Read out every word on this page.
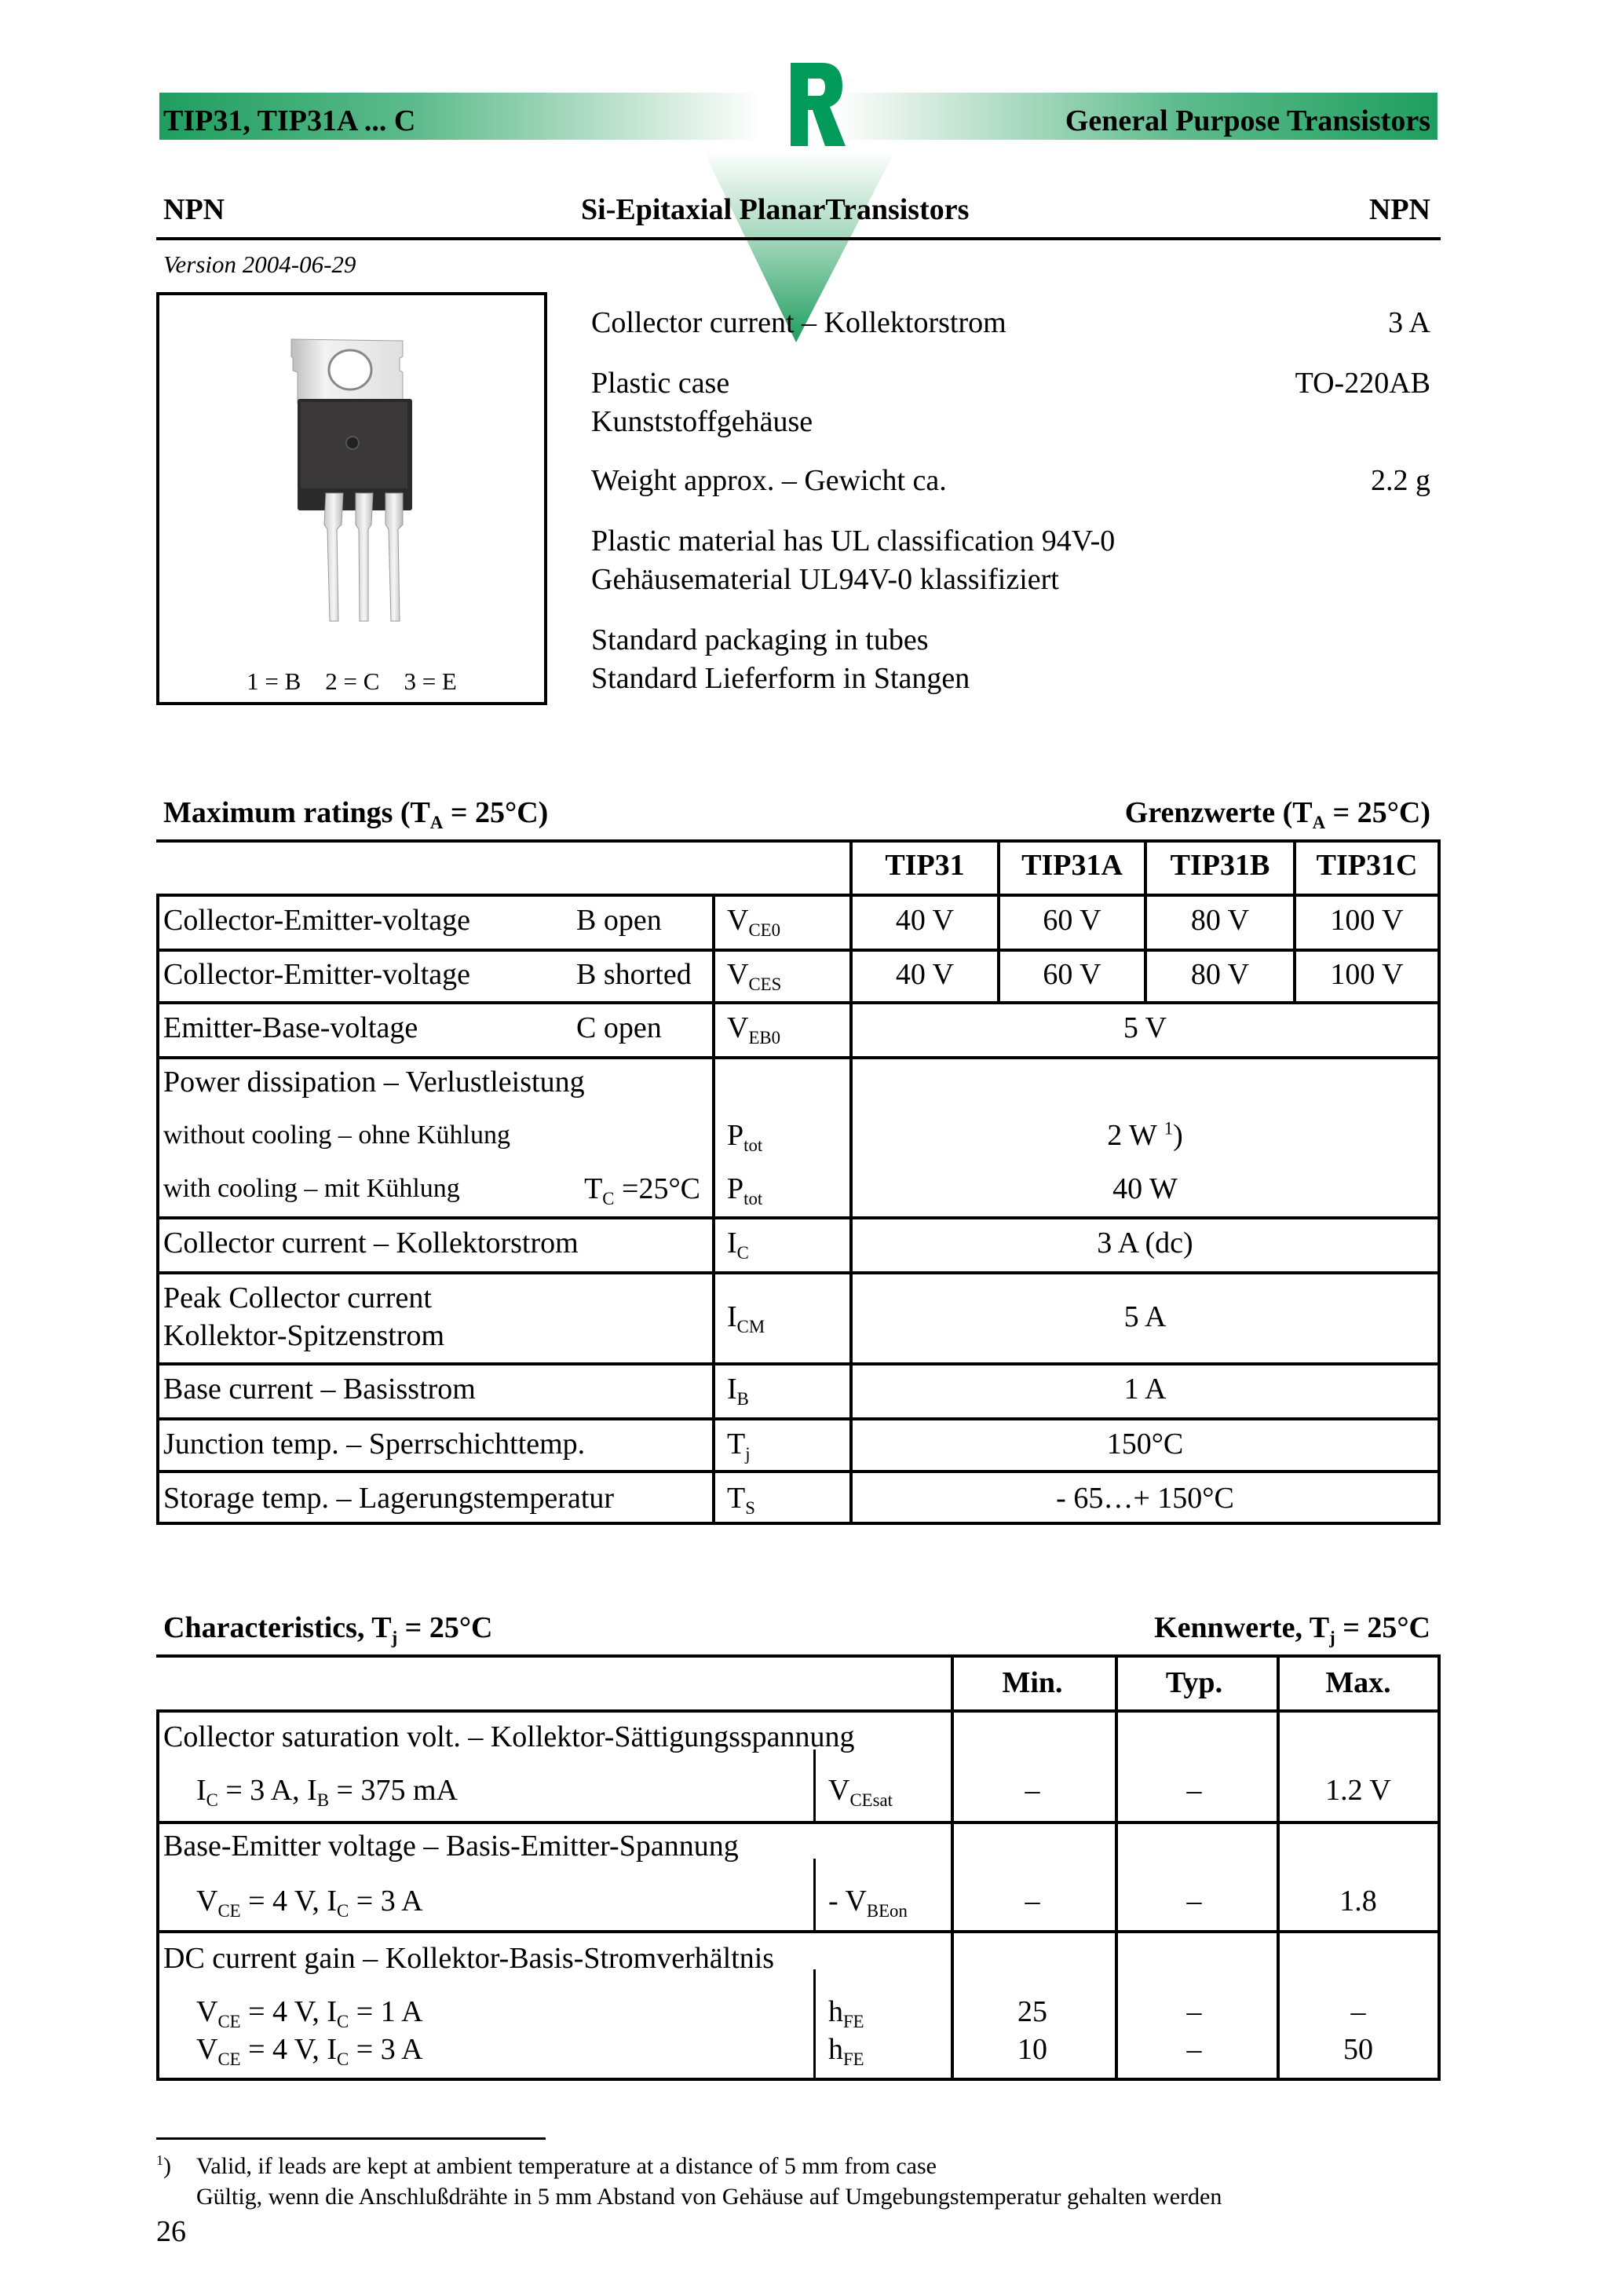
TIP31, TIP31A ... C	General Purpose Transistors
NPN	Si-Epitaxial PlanarTransistors	NPN
Version 2004-06-29
1 = B    2 = C    3 = E
$^1$) Valid, if leads are kept at ambient temperature at a distance of 5 mm from case
Gültig, wenn die Anschlußdrähte in 5 mm Abstand von Gehäuse auf Umgebungstemperatur gehalten werden
26
Collector current – Kollektorstrom	3 A
Plastic case
Kunststoffgehäuse
TO-220AB
Weight approx. – Gewicht ca.	2.2 g
Plastic material has UL classification 94V-0
Gehäusematerial UL94V-0 klassifiziert
Standard packaging in tubes
Standard Lieferform in Stangen
Maximum ratings $(T_A = 25^\circ C)$	Grenzwerte $(T_A = 25^\circ C)$
TIP31	TIP31A	TIP31B	TIP31C
Collector-Emitter-voltage	B open $V_{CE0}$	40 V	60 V	80 V	100 V
Collector-Emitter-voltage	B shorted $V_{CES}$	40 V	60 V	80 V	100 V
Emitter-Base-voltage	C open $V_{EB0}$	5 V
Power dissipation – Verlustleistung
without cooling – ohne Kühlung	$P_{tot}$	2 W $^1$)
with cooling – mit Kühlung	$T_C =25^\circ C$ $P_{tot}$	40 W
Collector current – Kollektorstrom	$I_C$	3 A (dc)
Peak Collector current
Kollektor-Spitzenstrom
$I_{CM}$	5 A
Base current – Basisstrom	$I_B$	1 A
Junction temp. – Sperrschichttemp.	$T_j$	150°C
Storage temp. – Lagerungstemperatur	$T_S$	- 65…+ 150°C
Characteristics, $T_j = 25^\circ C$	Kennwerte, $T_j = 25^\circ C$
Min.	Typ.	Max.
Collector saturation volt. – Kollektor-Sättigungsspannung
$I_C = 3$ A, $I_B = 375$ mA	$V_{CEsat}$	–	–	1.2 V
Base-Emitter voltage – Basis-Emitter-Spannung
$V_{CE} = 4$ V, $I_C = 3$ A	- $V_{BEon}$	–	–	1.8
DC current gain – Kollektor-Basis-Stromverhältnis
$V_{CE} = 4$ V, $I_C = 1$ A	$h_{FE}$	25	–	–
$V_{CE} = 4$ V, $I_C = 3$ A	$h_{FE}$	10	–	50
